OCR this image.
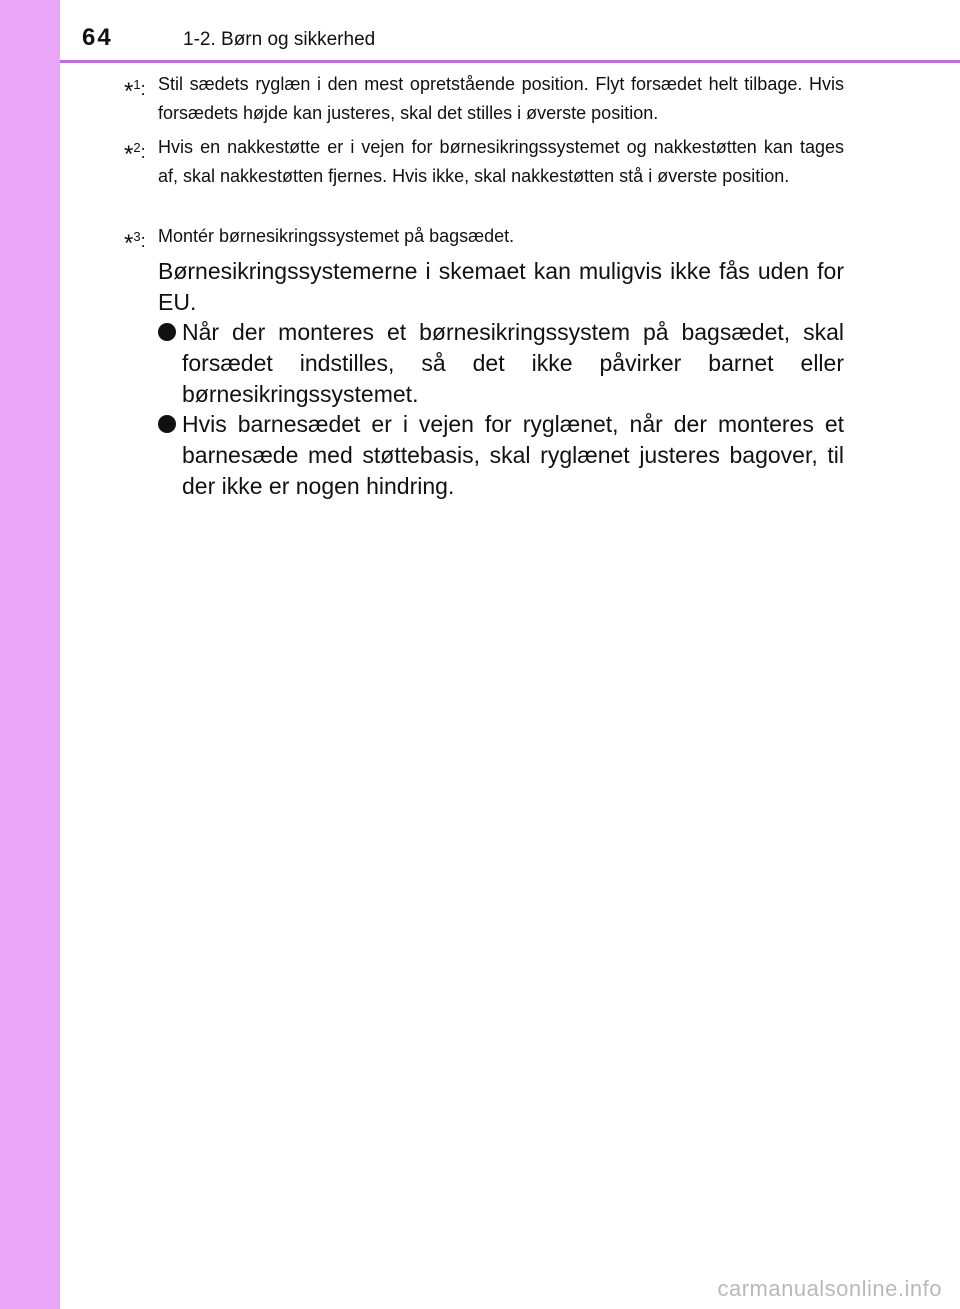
64	1-2. Børn og sikkerhed
*$^1$: Stil sædets ryglæn i den mest opretstående position. Flyt forsædet helt tilbage. Hvis forsædets højde kan justeres, skal det stilles i øverste position.
*$^2$: Hvis en nakkestøtte er i vejen for børnesikringssystemet og nakkestøtten kan tages af, skal nakkestøtten fjernes. Hvis ikke, skal nakkestøtten stå i øverste position.
*$^3$: Montér børnesikringssystemet på bagsædet.
Børnesikringssystemerne i skemaet kan muligvis ikke fås uden for EU.
Når der monteres et børnesikringssystem på bagsædet, skal forsædet indstilles, så det ikke påvirker barnet eller børnesikringssystemet.
Hvis barnesædet er i vejen for ryglænet, når der monteres et barnesæde med støttebasis, skal ryglænet justeres bagover, til der ikke er nogen hindring.
carmanualsonline.info
